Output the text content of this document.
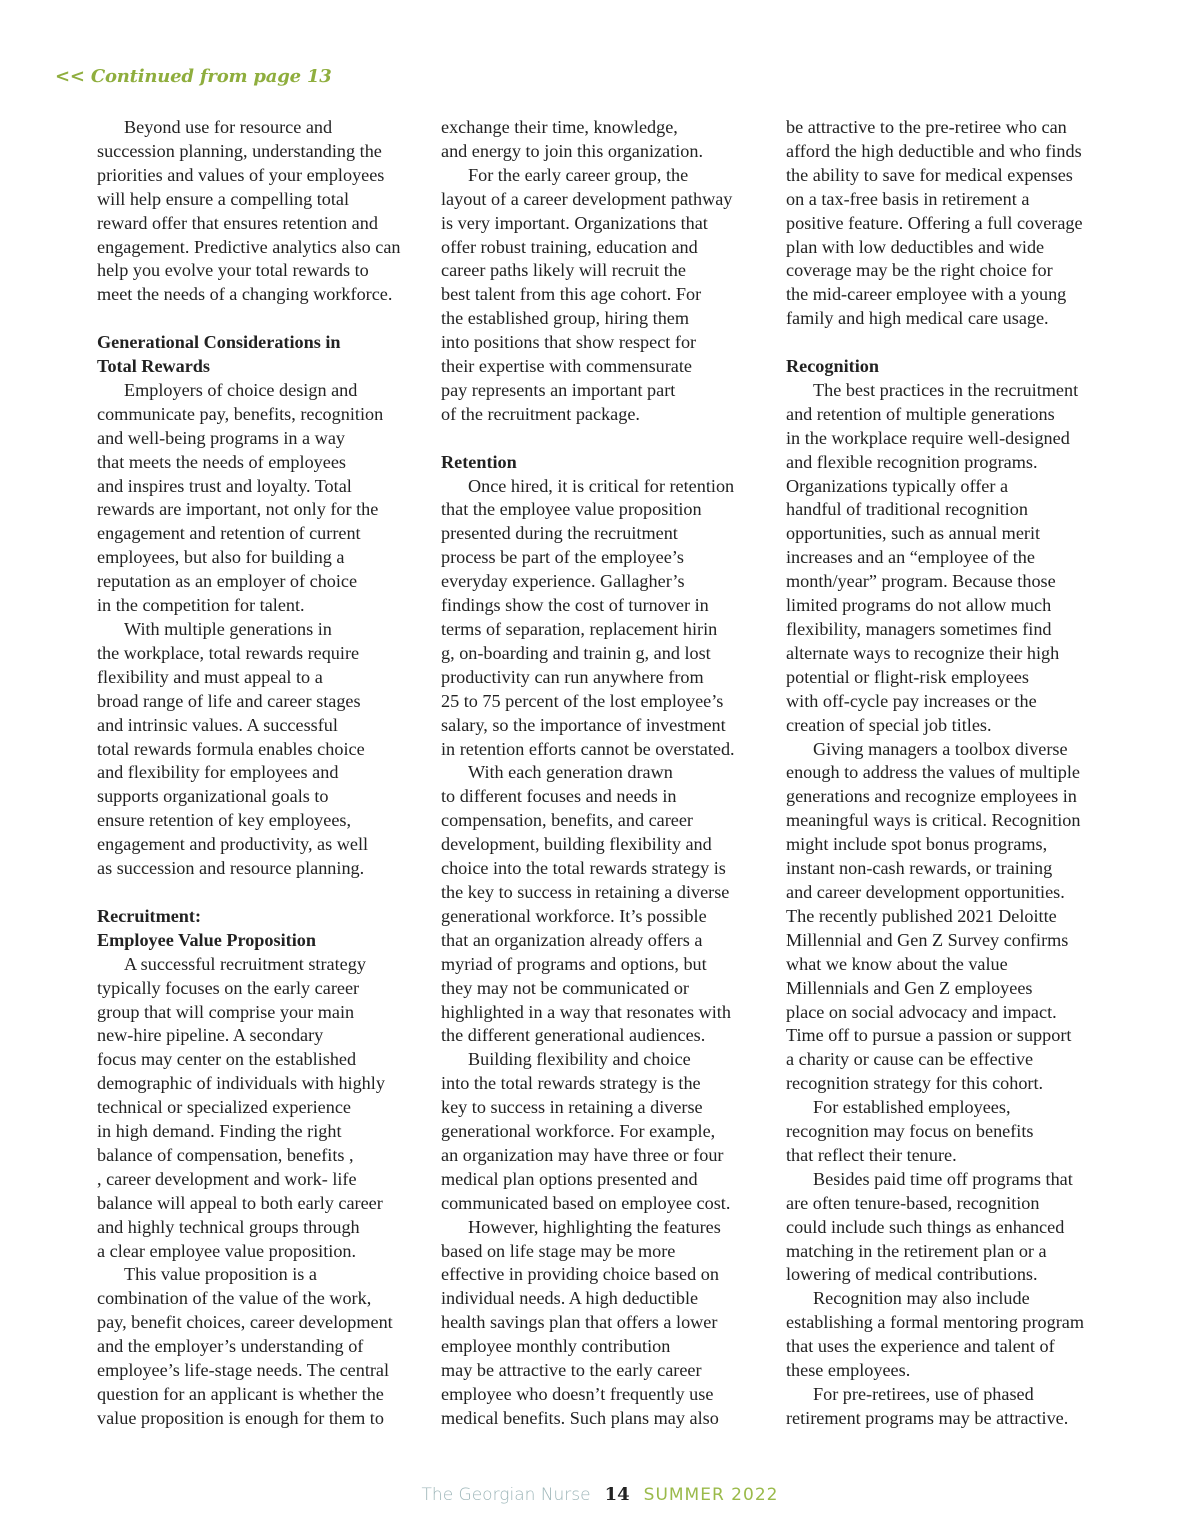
<< Continued from page 13
Beyond use for resource and
succession planning, understanding the
priorities and values of your employees
will help ensure a compelling total
reward offer that ensures retention and
engagement. Predictive analytics also can
help you evolve your total rewards to
meet the needs of a changing workforce.
Generational Considerations in
Total Rewards
Employers of choice design and
communicate pay, benefits, recognition
and well-being programs in a way
that meets the needs of employees
and inspires trust and loyalty. Total
rewards are important, not only for the
engagement and retention of current
employees, but also for building a
reputation as an employer of choice
in the competition for talent.
With multiple generations in
the workplace, total rewards require
flexibility and must appeal to a
broad range of life and career stages
and intrinsic values. A successful
total rewards formula enables choice
and flexibility for employees and
supports organizational goals to
ensure retention of key employees,
engagement and productivity, as well
as succession and resource planning.
Recruitment:
Employee Value Proposition
A successful recruitment strategy
typically focuses on the early career
group that will comprise your main
new-hire pipeline. A secondary
focus may center on the established
demographic of individuals with highly
technical or specialized experience
in high demand. Finding the right
balance of compensation, benefits ,
, career development and work- life
balance will appeal to both early career
and highly technical groups through
a clear employee value proposition.
This value proposition is a
combination of the value of the work,
pay, benefit choices, career development
and the employer’s understanding of
employee’s life-stage needs. The central
question for an applicant is whether the
value proposition is enough for them to
exchange their time, knowledge,
and energy to join this organization.
For the early career group, the
layout of a career development pathway
is very important. Organizations that
offer robust training, education and
career paths likely will recruit the
best talent from this age cohort. For
the established group, hiring them
into positions that show respect for
their expertise with commensurate
pay represents an important part
of the recruitment package.
Retention
Once hired, it is critical for retention
that the employee value proposition
presented during the recruitment
process be part of the employee’s
everyday experience. Gallagher’s
findings show the cost of turnover in
terms of separation, replacement hirin
g, on-boarding and trainin g, and lost
productivity can run anywhere from
25 to 75 percent of the lost employee’s
salary, so the importance of investment
in retention efforts cannot be overstated.
With each generation drawn
to different focuses and needs in
compensation, benefits, and career
development, building flexibility and
choice into the total rewards strategy is
the key to success in retaining a diverse
generational workforce. It’s possible
that an organization already offers a
myriad of programs and options, but
they may not be communicated or
highlighted in a way that resonates with
the different generational audiences.
Building flexibility and choice
into the total rewards strategy is the
key to success in retaining a diverse
generational workforce. For example,
an organization may have three or four
medical plan options presented and
communicated based on employee cost.
However, highlighting the features
based on life stage may be more
effective in providing choice based on
individual needs. A high deductible
health savings plan that offers a lower
employee monthly contribution
may be attractive to the early career
employee who doesn’t frequently use
medical benefits. Such plans may also
be attractive to the pre-retiree who can
afford the high deductible and who finds
the ability to save for medical expenses
on a tax-free basis in retirement a
positive feature. Offering a full coverage
plan with low deductibles and wide
coverage may be the right choice for
the mid-career employee with a young
family and high medical care usage.
Recognition
The best practices in the recruitment
and retention of multiple generations
in the workplace require well-designed
and flexible recognition programs.
Organizations typically offer a
handful of traditional recognition
opportunities, such as annual merit
increases and an “employee of the
month/year” program. Because those
limited programs do not allow much
flexibility, managers sometimes find
alternate ways to recognize their high
potential or flight-risk employees
with off-cycle pay increases or the
creation of special job titles.
Giving managers a toolbox diverse
enough to address the values of multiple
generations and recognize employees in
meaningful ways is critical. Recognition
might include spot bonus programs,
instant non-cash rewards, or training
and career development opportunities.
The recently published 2021 Deloitte
Millennial and Gen Z Survey confirms
what we know about the value
Millennials and Gen Z employees
place on social advocacy and impact.
Time off to pursue a passion or support
a charity or cause can be effective
recognition strategy for this cohort.
For established employees,
recognition may focus on benefits
that reflect their tenure.
Besides paid time off programs that
are often tenure-based, recognition
could include such things as enhanced
matching in the retirement plan or a
lowering of medical contributions.
Recognition may also include
establishing a formal mentoring program
that uses the experience and talent of
these employees.
For pre-retirees, use of phased
retirement programs may be attractive.
The Georgian Nurse 14 SUMMER 2022
